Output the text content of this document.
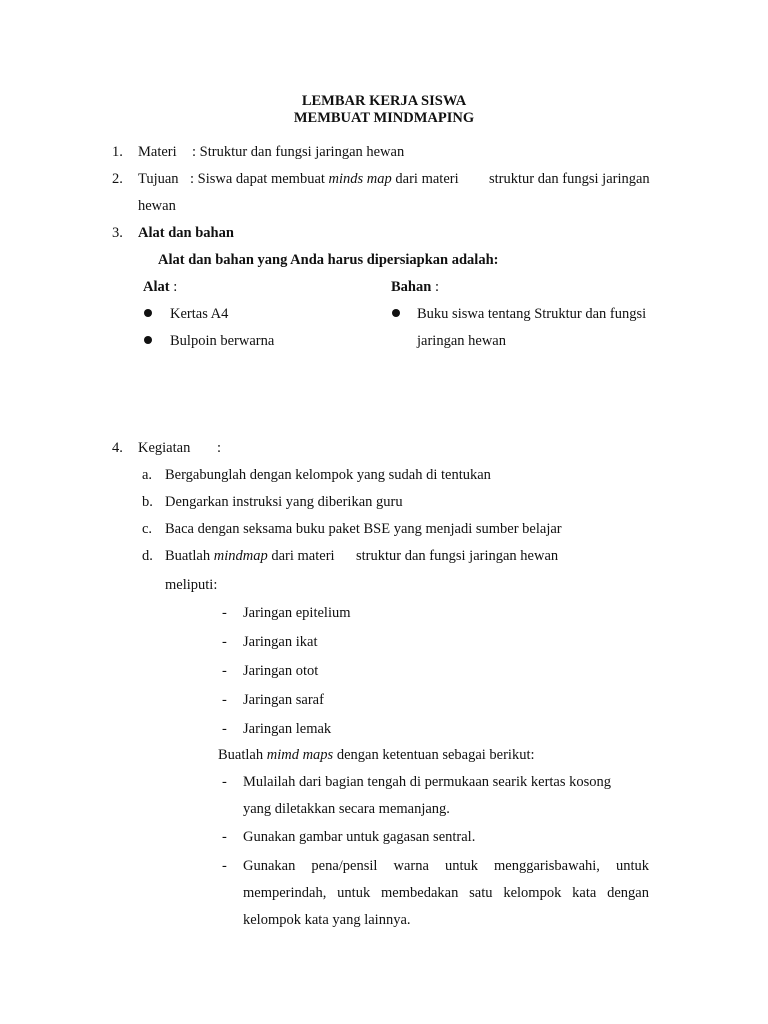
LEMBAR KERJA SISWA
MEMBUAT MINDMAPING
1. Materi : Struktur dan fungsi jaringan hewan
2. Tujuan : Siswa dapat membuat minds map dari materi struktur dan fungsi jaringan
hewan
3. Alat dan bahan
Alat dan bahan yang Anda harus dipersiapkan adalah:
Alat :	Bahan :
Kertas A4
Bulpoin berwarna
Buku siswa tentang Struktur dan fungsi
jaringan hewan
4. Kegiatan :
a. Bergabunglah dengan kelompok yang sudah di tentukan
b. Dengarkan instruksi yang diberikan guru
c. Baca dengan seksama buku paket BSE yang menjadi sumber belajar
d. Buatlah mindmap dari materi struktur dan fungsi jaringan hewan
meliputi:
- Jaringan epitelium
- Jaringan ikat
- Jaringan otot
- Jaringan saraf
- Jaringan lemak
Buatlah mimd maps dengan ketentuan sebagai berikut:
- Mulailah dari bagian tengah di permukaan searik kertas kosong
yang diletakkan secara memanjang.
- Gunakan gambar untuk gagasan sentral.
- Gunakan pena/pensil warna untuk menggarisbawahi, untuk
memperindah, untuk membedakan satu kelompok kata dengan
kelompok kata yang lainnya.
